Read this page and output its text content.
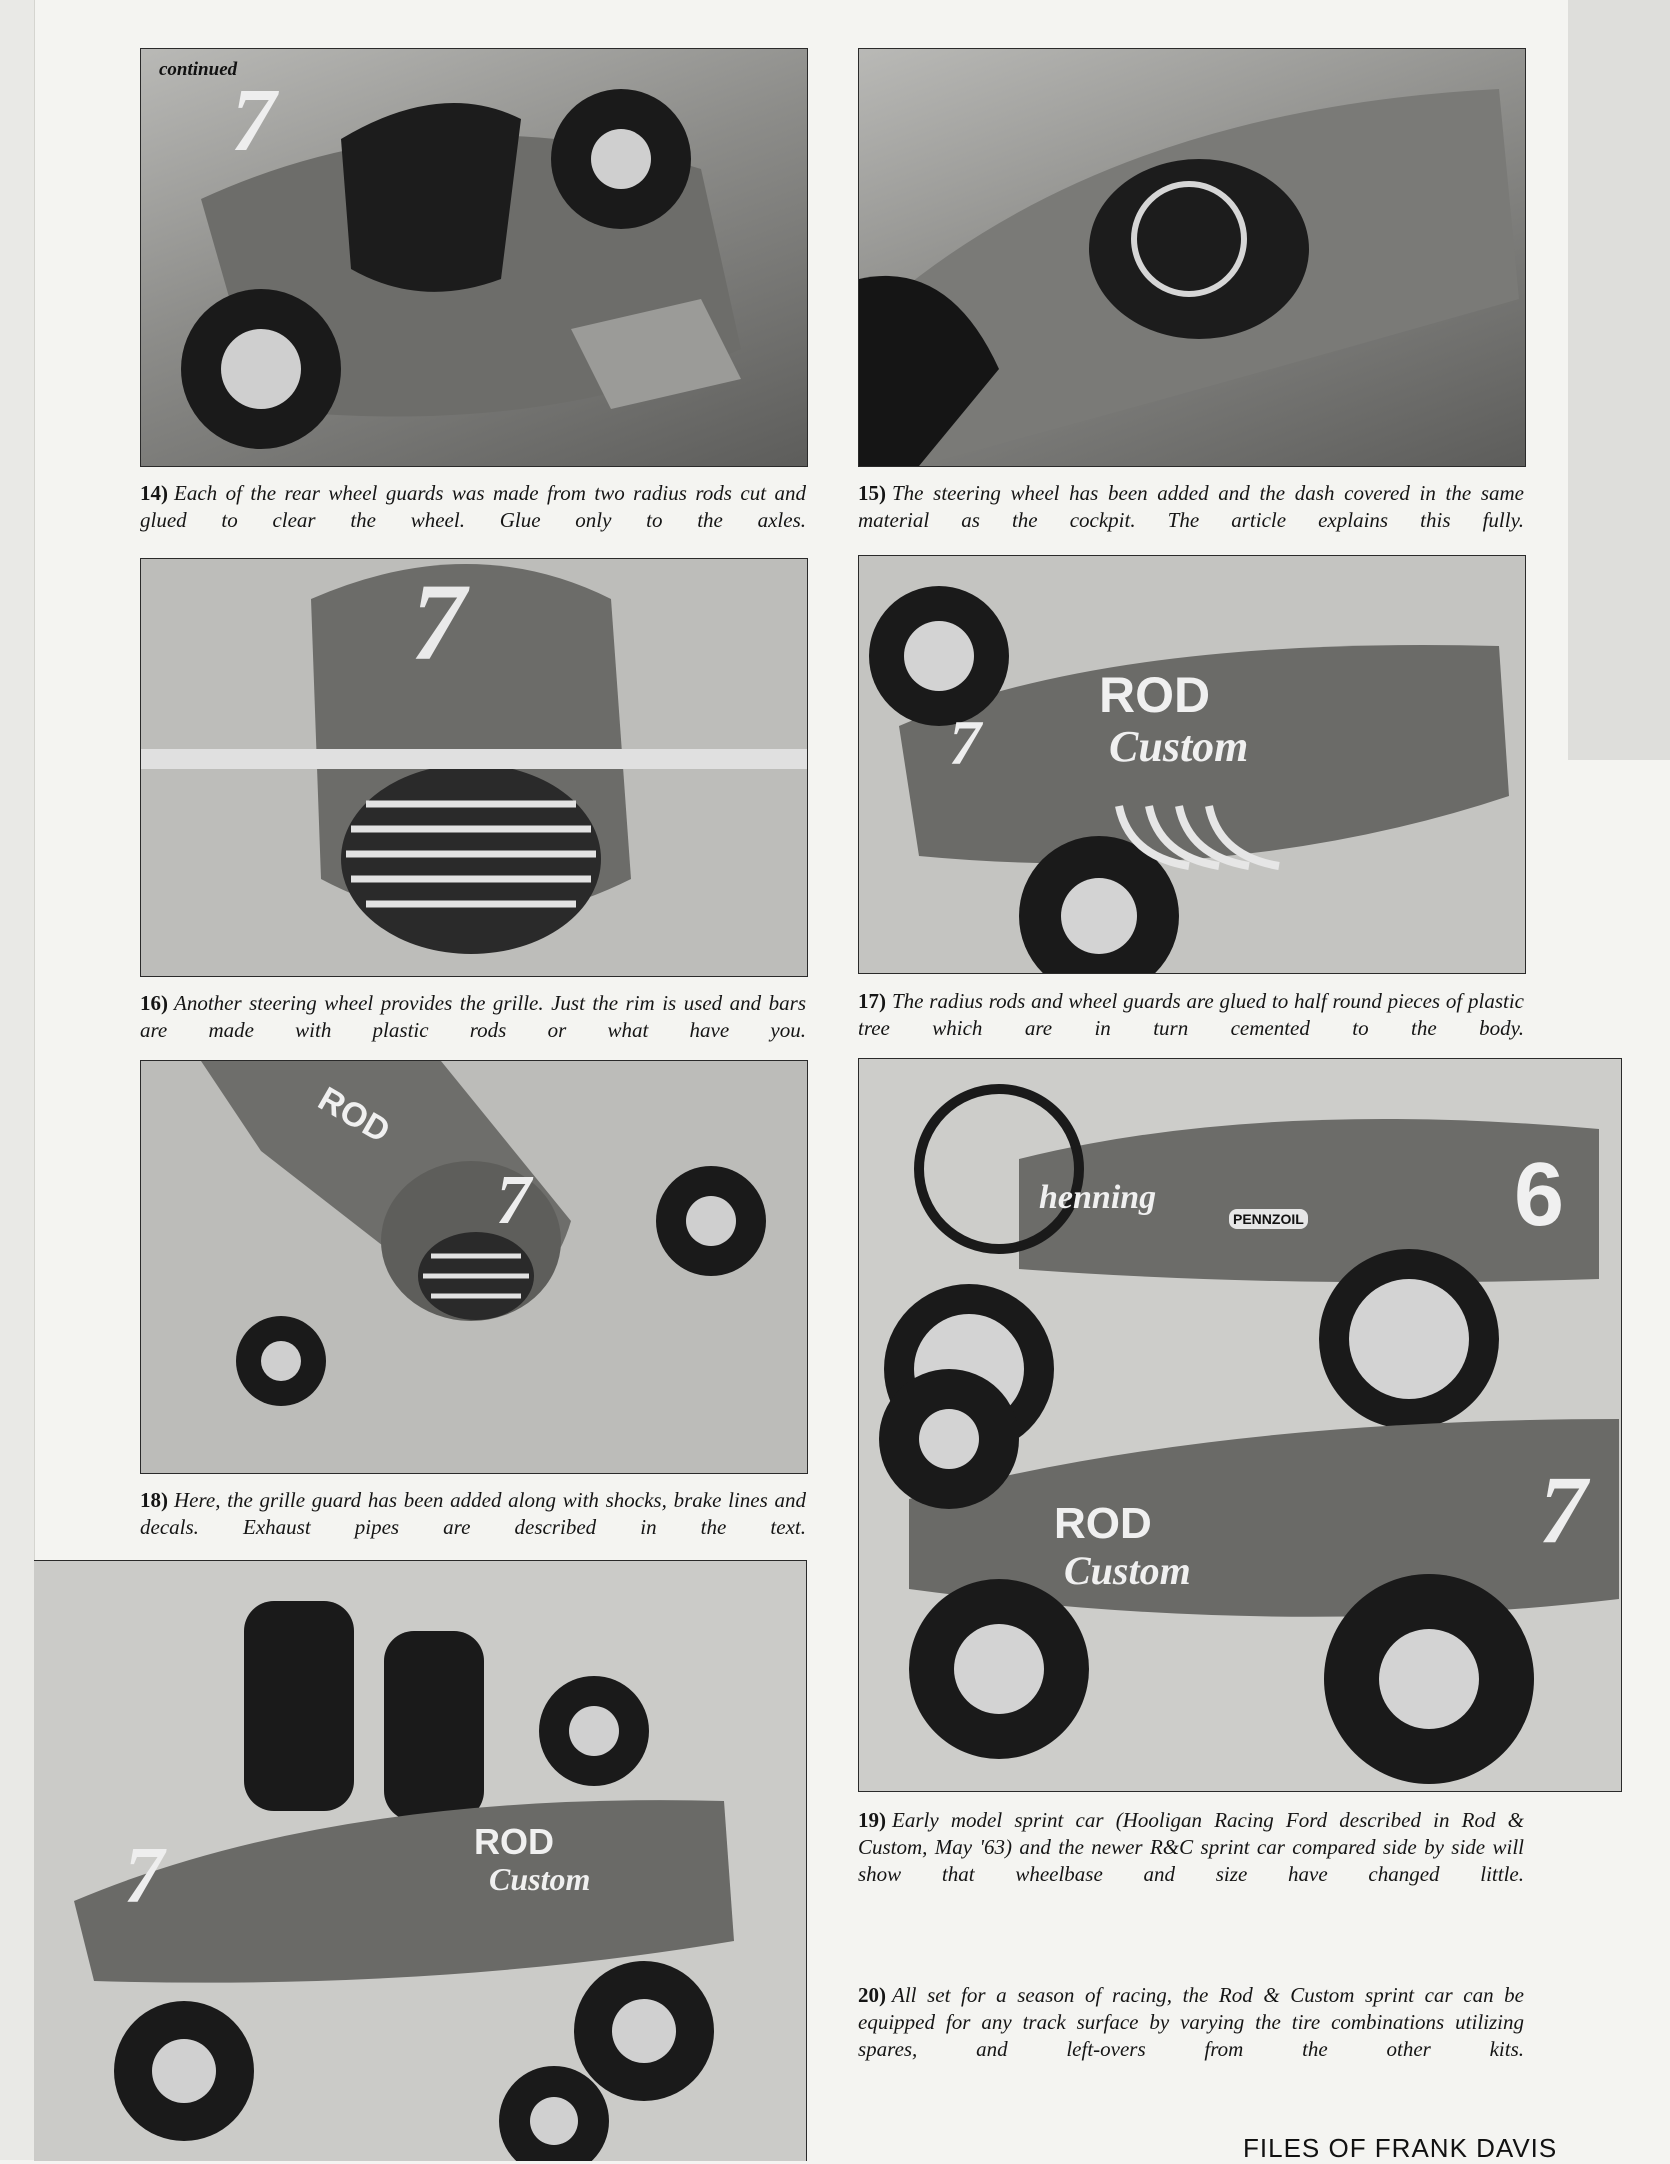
continued
7
14) Each of the rear wheel guards was made from two radius rods cut and glued to clear the wheel. Glue only to the axles.
15) The steering wheel has been added and the dash covered in the same material as the cockpit. The article explains this fully.
7
16) Another steering wheel provides the grille. Just the rim is used and bars are made with plastic rods or what have you.
ROD
Custom
7
17) The radius rods and wheel guards are glued to half round pieces of plastic tree which are in turn cemented to the body.
ROD
7
18) Here, the grille guard has been added along with shocks, brake lines and decals. Exhaust pipes are described in the text.
henning
PENNZOIL 6
ROD
Custom
7
19) Early model sprint car (Hooligan Racing Ford described in Rod & Custom, May '63) and the newer R&C sprint car compared side by side will show that wheelbase and size have changed little.
7	ROD
Custom
20) All set for a season of racing, the Rod & Custom sprint car can be equipped for any track surface by varying the tire combinations utilizing spares, and left-overs from the other kits.
FILES OF FRANK DAVIS
